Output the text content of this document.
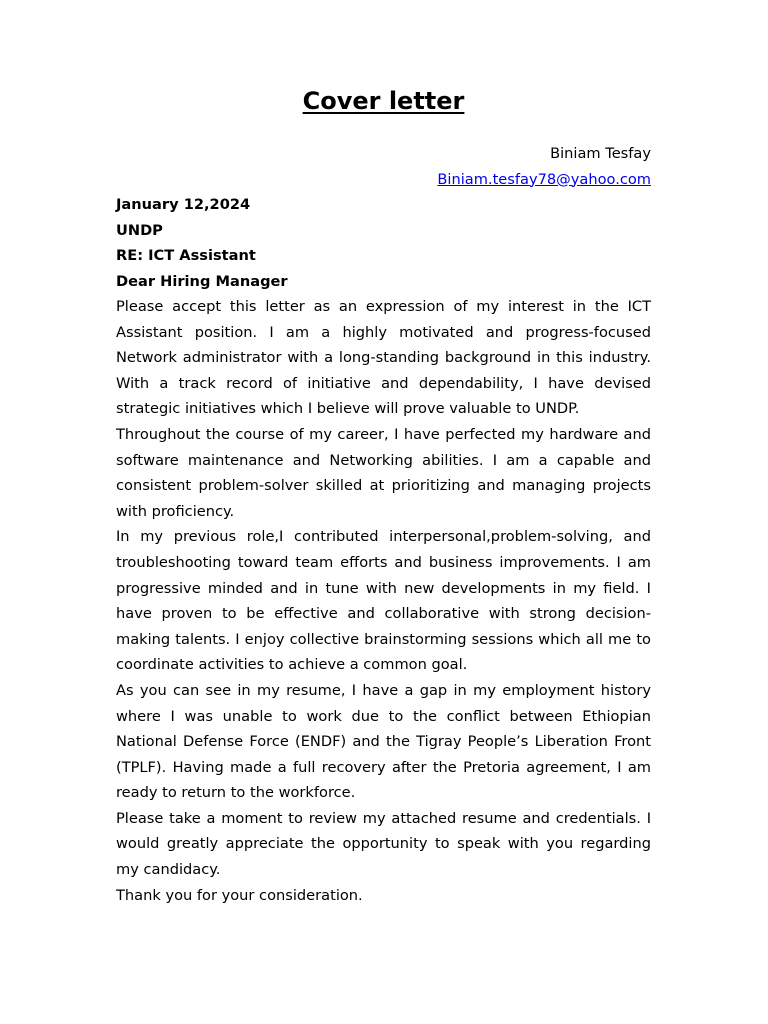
Cover letter
Biniam Tesfay
Biniam.tesfay78@yahoo.com
January 12,2024
UNDP
RE: ICT Assistant
Dear Hiring Manager

Please accept this letter as an expression of my interest in the ICT Assistant position. I am a highly motivated and progress-focused Network administrator with a long-standing background in this industry. With a track record of initiative and dependability, I have devised strategic initiatives which I believe will prove valuable to UNDP.

Throughout the course of my career, I have perfected my hardware and software maintenance and Networking abilities. I am a capable and consistent problem-solver skilled at prioritizing and managing projects with proficiency.

In my previous role,I contributed interpersonal,problem-solving, and troubleshooting toward team efforts and business improvements. I am progressive minded and in tune with new developments in my field. I have proven to be effective and collaborative with strong decision-making talents. I enjoy collective brainstorming sessions which all me to coordinate activities to achieve a common goal.

As you can see in my resume, I have a gap in my employment history where I was unable to work due to the conflict between Ethiopian National Defense Force (ENDF) and the Tigray People’s Liberation Front (TPLF). Having made a full recovery after the Pretoria agreement, I am ready to return to the workforce.

Please take a moment to review my attached resume and credentials. I would greatly appreciate the opportunity to speak with you regarding my candidacy.

Thank you for your consideration.
